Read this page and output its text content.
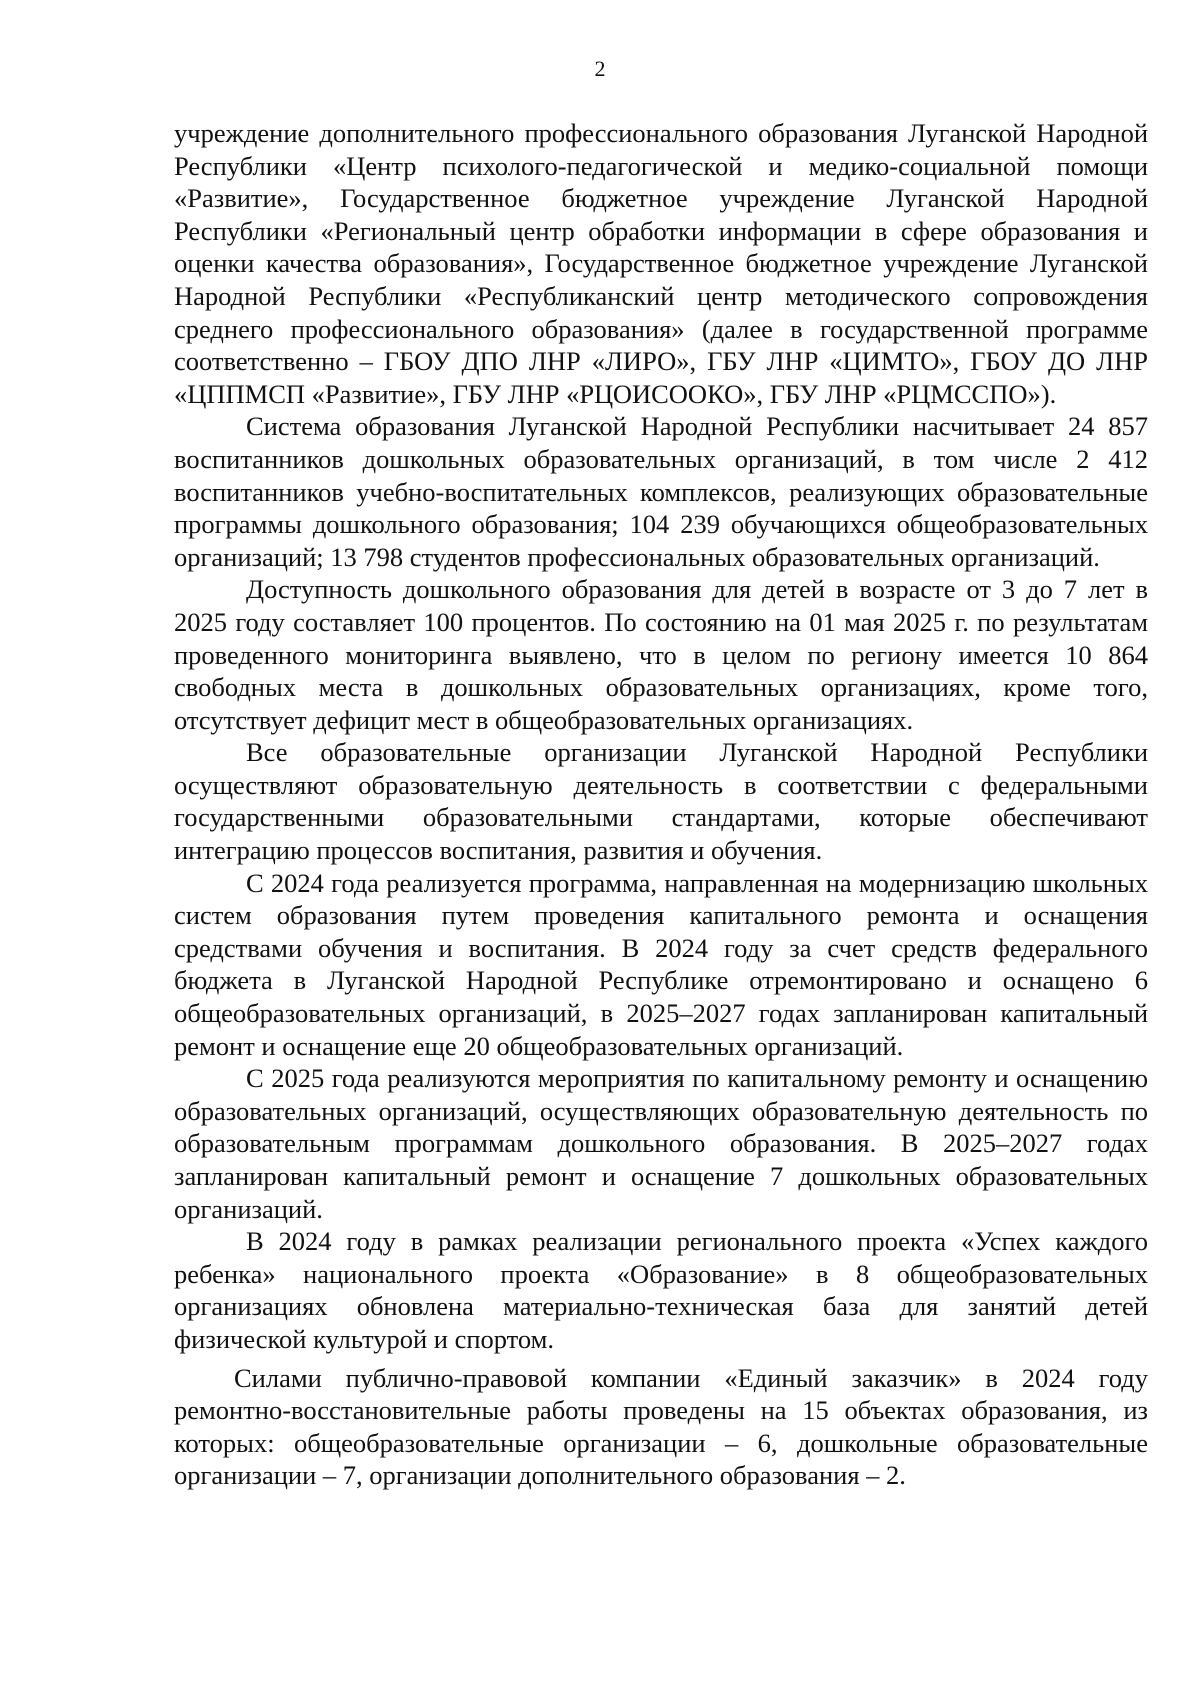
2

учреждение дополнительного профессионального образования Луганской Народной Республики «Центр психолого-педагогической и медико-социальной помощи «Развитие», Государственное бюджетное учреждение Луганской Народной Республики «Региональный центр обработки информации в сфере образования и оценки качества образования», Государственное бюджетное учреждение Луганской Народной Республики «Республиканский центр методического сопровождения среднего профессионального образования» (далее в государственной программе соответственно – ГБОУ ДПО ЛНР «ЛИРО», ГБУ ЛНР «ЦИМТО», ГБОУ ДО ЛНР «ЦППМСП «Развитие», ГБУ ЛНР «РЦОИСООКО», ГБУ ЛНР «РЦМССПО»).

Система образования Луганской Народной Республики насчитывает 24 857 воспитанников дошкольных образовательных организаций, в том числе 2 412 воспитанников учебно-воспитательных комплексов, реализующих образовательные программы дошкольного образования; 104 239 обучающихся общеобразовательных организаций; 13 798 студентов профессиональных образовательных организаций.

Доступность дошкольного образования для детей в возрасте от 3 до 7 лет в 2025 году составляет 100 процентов. По состоянию на 01 мая 2025 г. по результатам проведенного мониторинга выявлено, что в целом по региону имеется 10 864 свободных места в дошкольных образовательных организациях, кроме того, отсутствует дефицит мест в общеобразовательных организациях.

Все образовательные организации Луганской Народной Республики осуществляют образовательную деятельность в соответствии с федеральными государственными образовательными стандартами, которые обеспечивают интеграцию процессов воспитания, развития и обучения.

С 2024 года реализуется программа, направленная на модернизацию школьных систем образования путем проведения капитального ремонта и оснащения средствами обучения и воспитания. В 2024 году за счет средств федерального бюджета в Луганской Народной Республике отремонтировано и оснащено 6 общеобразовательных организаций, в 2025–2027 годах запланирован капитальный ремонт и оснащение еще 20 общеобразовательных организаций.

С 2025 года реализуются мероприятия по капитальному ремонту и оснащению образовательных организаций, осуществляющих образовательную деятельность по образовательным программам дошкольного образования. В 2025–2027 годах запланирован капитальный ремонт и оснащение 7 дошкольных образовательных организаций.

В 2024 году в рамках реализации регионального проекта «Успех каждого ребенка» национального проекта «Образование» в 8 общеобразовательных организациях обновлена материально-техническая база для занятий детей физической культурой и спортом.

Силами публично-правовой компании «Единый заказчик» в 2024 году ремонтно-восстановительные работы проведены на 15 объектах образования, из которых: общеобразовательные организации – 6, дошкольные образовательные организации – 7, организации дополнительного образования – 2.
